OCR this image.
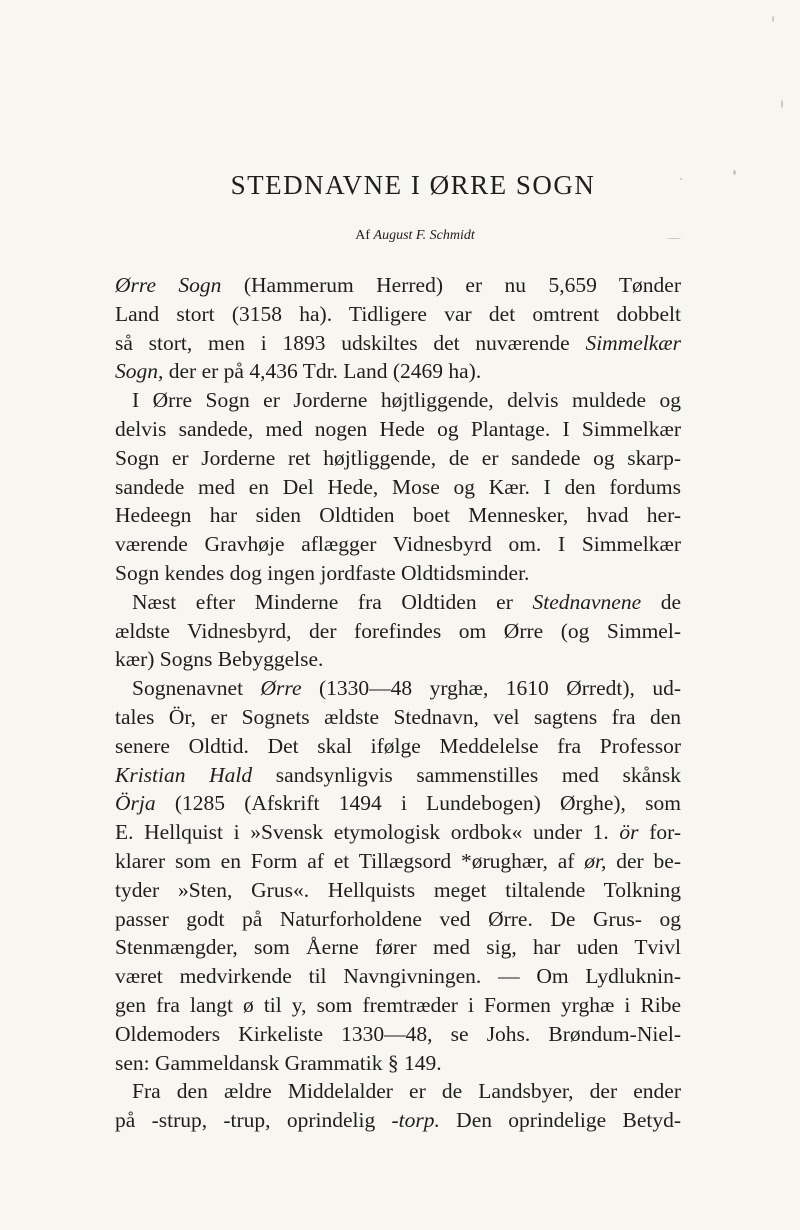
STEDNAVNE I ØRRE SOGN
Af August F. Schmidt
Ørre Sogn (Hammerum Herred) er nu 5,659 Tønder
Land stort (3158 ha). Tidligere var det omtrent dobbelt
så stort, men i 1893 udskiltes det nuværende Simmelkær
Sogn, der er på 4,436 Tdr. Land (2469 ha).
I Ørre Sogn er Jorderne højtliggende, delvis muldede og
delvis sandede, med nogen Hede og Plantage. I Simmelkær
Sogn er Jorderne ret højtliggende, de er sandede og skarp-
sandede med en Del Hede, Mose og Kær. I den fordums
Hedeegn har siden Oldtiden boet Mennesker, hvad her-
værende Gravhøje aflægger Vidnesbyrd om. I Simmelkær
Sogn kendes dog ingen jordfaste Oldtidsminder.
Næst efter Minderne fra Oldtiden er Stednavnene de
ældste Vidnesbyrd, der forefindes om Ørre (og Simmel-
kær) Sogns Bebyggelse.
Sognenavnet Ørre (1330—48 yrghæ, 1610 Ørredt), ud-
tales Ör, er Sognets ældste Stednavn, vel sagtens fra den
senere Oldtid. Det skal ifølge Meddelelse fra Professor
Kristian Hald sandsynligvis sammenstilles med skånsk
Örja (1285 (Afskrift 1494 i Lundebogen) Ørghe), som
E. Hellquist i »Svensk etymologisk ordbok« under 1. ör for-
klarer som en Form af et Tillægsord *ørughær, af ør, der be-
tyder »Sten, Grus«. Hellquists meget tiltalende Tolkning
passer godt på Naturforholdene ved Ørre. De Grus- og
Stenmængder, som Åerne fører med sig, har uden Tvivl
været medvirkende til Navngivningen. — Om Lydluknin-
gen fra langt ø til y, som fremtræder i Formen yrghæ i Ribe
Oldemoders Kirkeliste 1330—48, se Johs. Brøndum-Niel-
sen: Gammeldansk Grammatik § 149.
Fra den ældre Middelalder er de Landsbyer, der ender
på -strup, -trup, oprindelig -torp. Den oprindelige Betyd-
